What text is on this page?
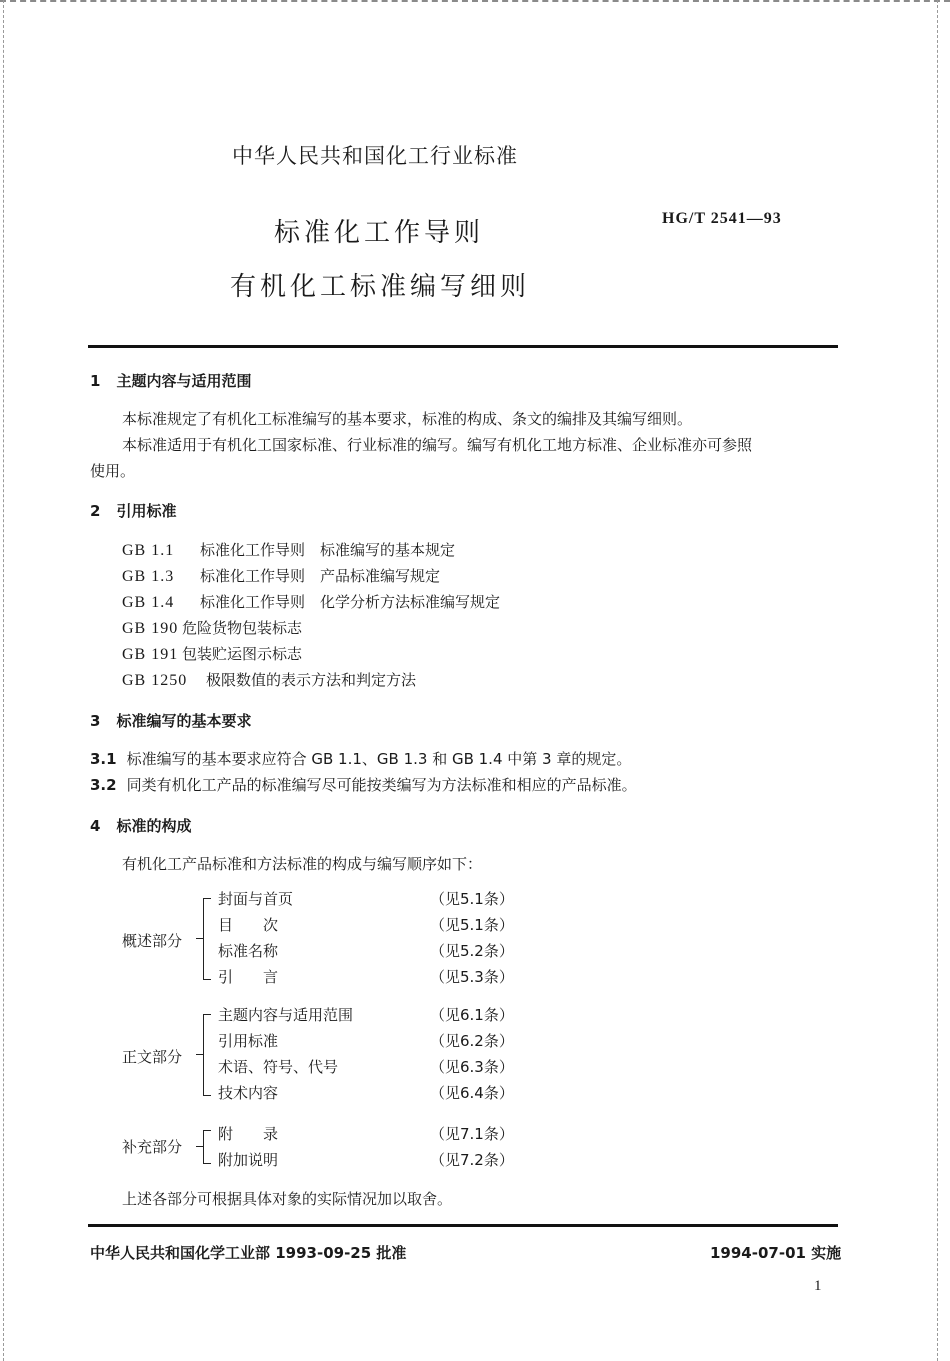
中华人民共和国化工行业标准
标准化工作导则	HG/T 2541—93
有机化工标准编写细则
1 主题内容与适用范围
本标准规定了有机化工标准编写的基本要求，标准的构成、条文的编排及其编写细则。
本标准适用于有机化工国家标准、行业标准的编写。编写有机化工地方标准、企业标准亦可参照
使用。
2 引用标准
GB 1.1 标准化工作导则　标准编写的基本规定
GB 1.3 标准化工作导则　产品标准编写规定
GB 1.4 标准化工作导则　化学分析方法标准编写规定
GB 190 危险货物包装标志
GB 191 包装贮运图示标志
GB 1250 极限数值的表示方法和判定方法
3 标准编写的基本要求
3.1 标准编写的基本要求应符合 GB 1.1、GB 1.3 和 GB 1.4 中第 3 章的规定。
3.2 同类有机化工产品的标准编写尽可能按类编写为方法标准和相应的产品标准。
4 标准的构成
有机化工产品标准和方法标准的构成与编写顺序如下：
概述部分
封面与首页	（见5.1条）
目　　次	（见5.1条）
标准名称	（见5.2条）
引　　言	（见5.3条）
正文部分
主题内容与适用范围	（见6.1条）
引用标准	（见6.2条）
术语、符号、代号	（见6.3条）
技术内容	（见6.4条）
补充部分
附　　录	（见7.1条）
附加说明	（见7.2条）
上述各部分可根据具体对象的实际情况加以取舍。
中华人民共和国化学工业部 1993-09-25 批准	1994-07-01 实施
1
